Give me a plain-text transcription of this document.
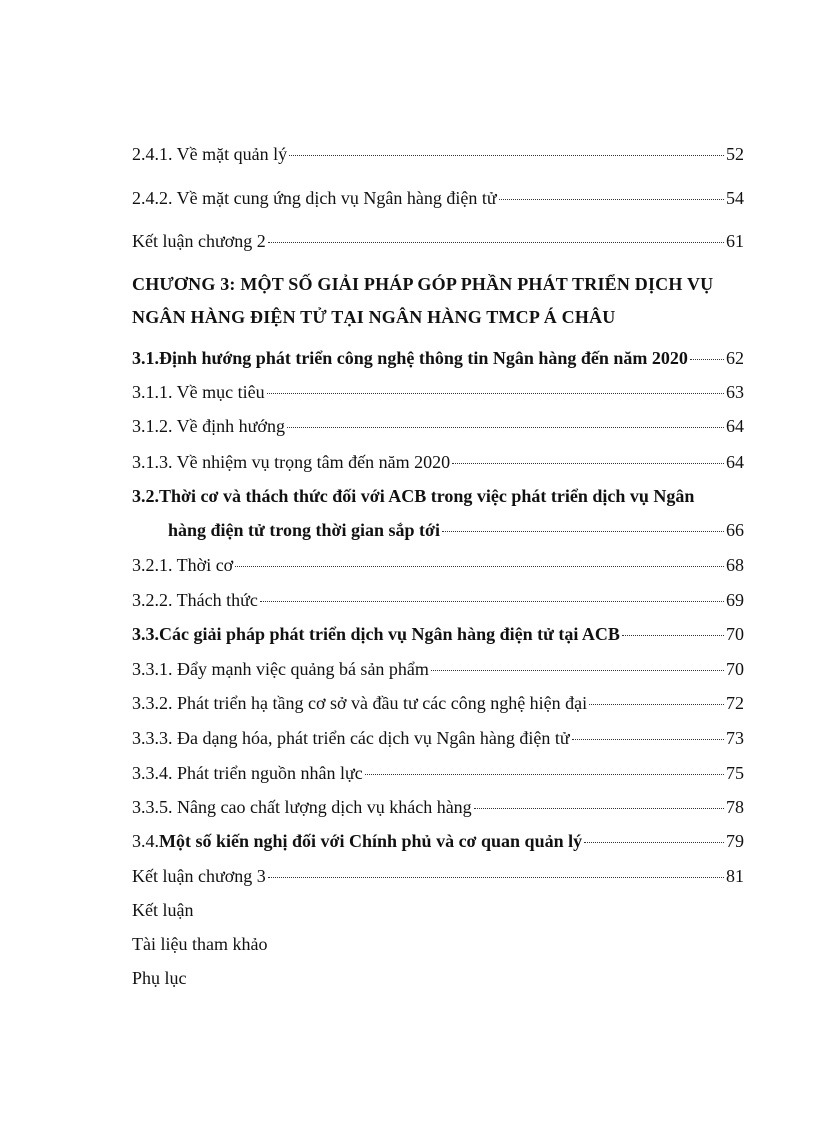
2.4.1. Về mặt quản lý	52
2.4.2. Về mặt cung ứng dịch vụ Ngân hàng điện tử	54
Kết luận chương 2	61
CHƯƠNG 3: MỘT SỐ GIẢI PHÁP GÓP PHẦN PHÁT TRIỂN DỊCH VỤ
NGÂN HÀNG ĐIỆN TỬ TẠI NGÂN HÀNG TMCP Á CHÂU
3.1.Định hướng phát triển công nghệ thông tin Ngân hàng đến năm 2020 62
3.1.1. Về mục tiêu	63
3.1.2. Về định hướng	64
3.1.3. Về nhiệm vụ trọng tâm đến năm 2020	64
3.2.Thời cơ và thách thức đối với ACB trong việc phát triển dịch vụ Ngân
hàng điện tử trong thời gian sắp tới	66
3.2.1. Thời cơ	68
3.2.2. Thách thức	69
3.3.Các giải pháp phát triển dịch vụ Ngân hàng điện tử tại ACB	70
3.3.1. Đẩy mạnh việc quảng bá sản phẩm	70
3.3.2. Phát triển hạ tầng cơ sở và đầu tư các công nghệ hiện đại	72
3.3.3. Đa dạng hóa, phát triển các dịch vụ Ngân hàng điện tử	73
3.3.4. Phát triển nguồn nhân lực	75
3.3.5. Nâng cao chất lượng dịch vụ khách hàng	78
3.4.Một số kiến nghị đối với Chính phủ và cơ quan quản lý	79
Kết luận chương 3	81
Kết luận
Tài liệu tham khảo
Phụ lục
